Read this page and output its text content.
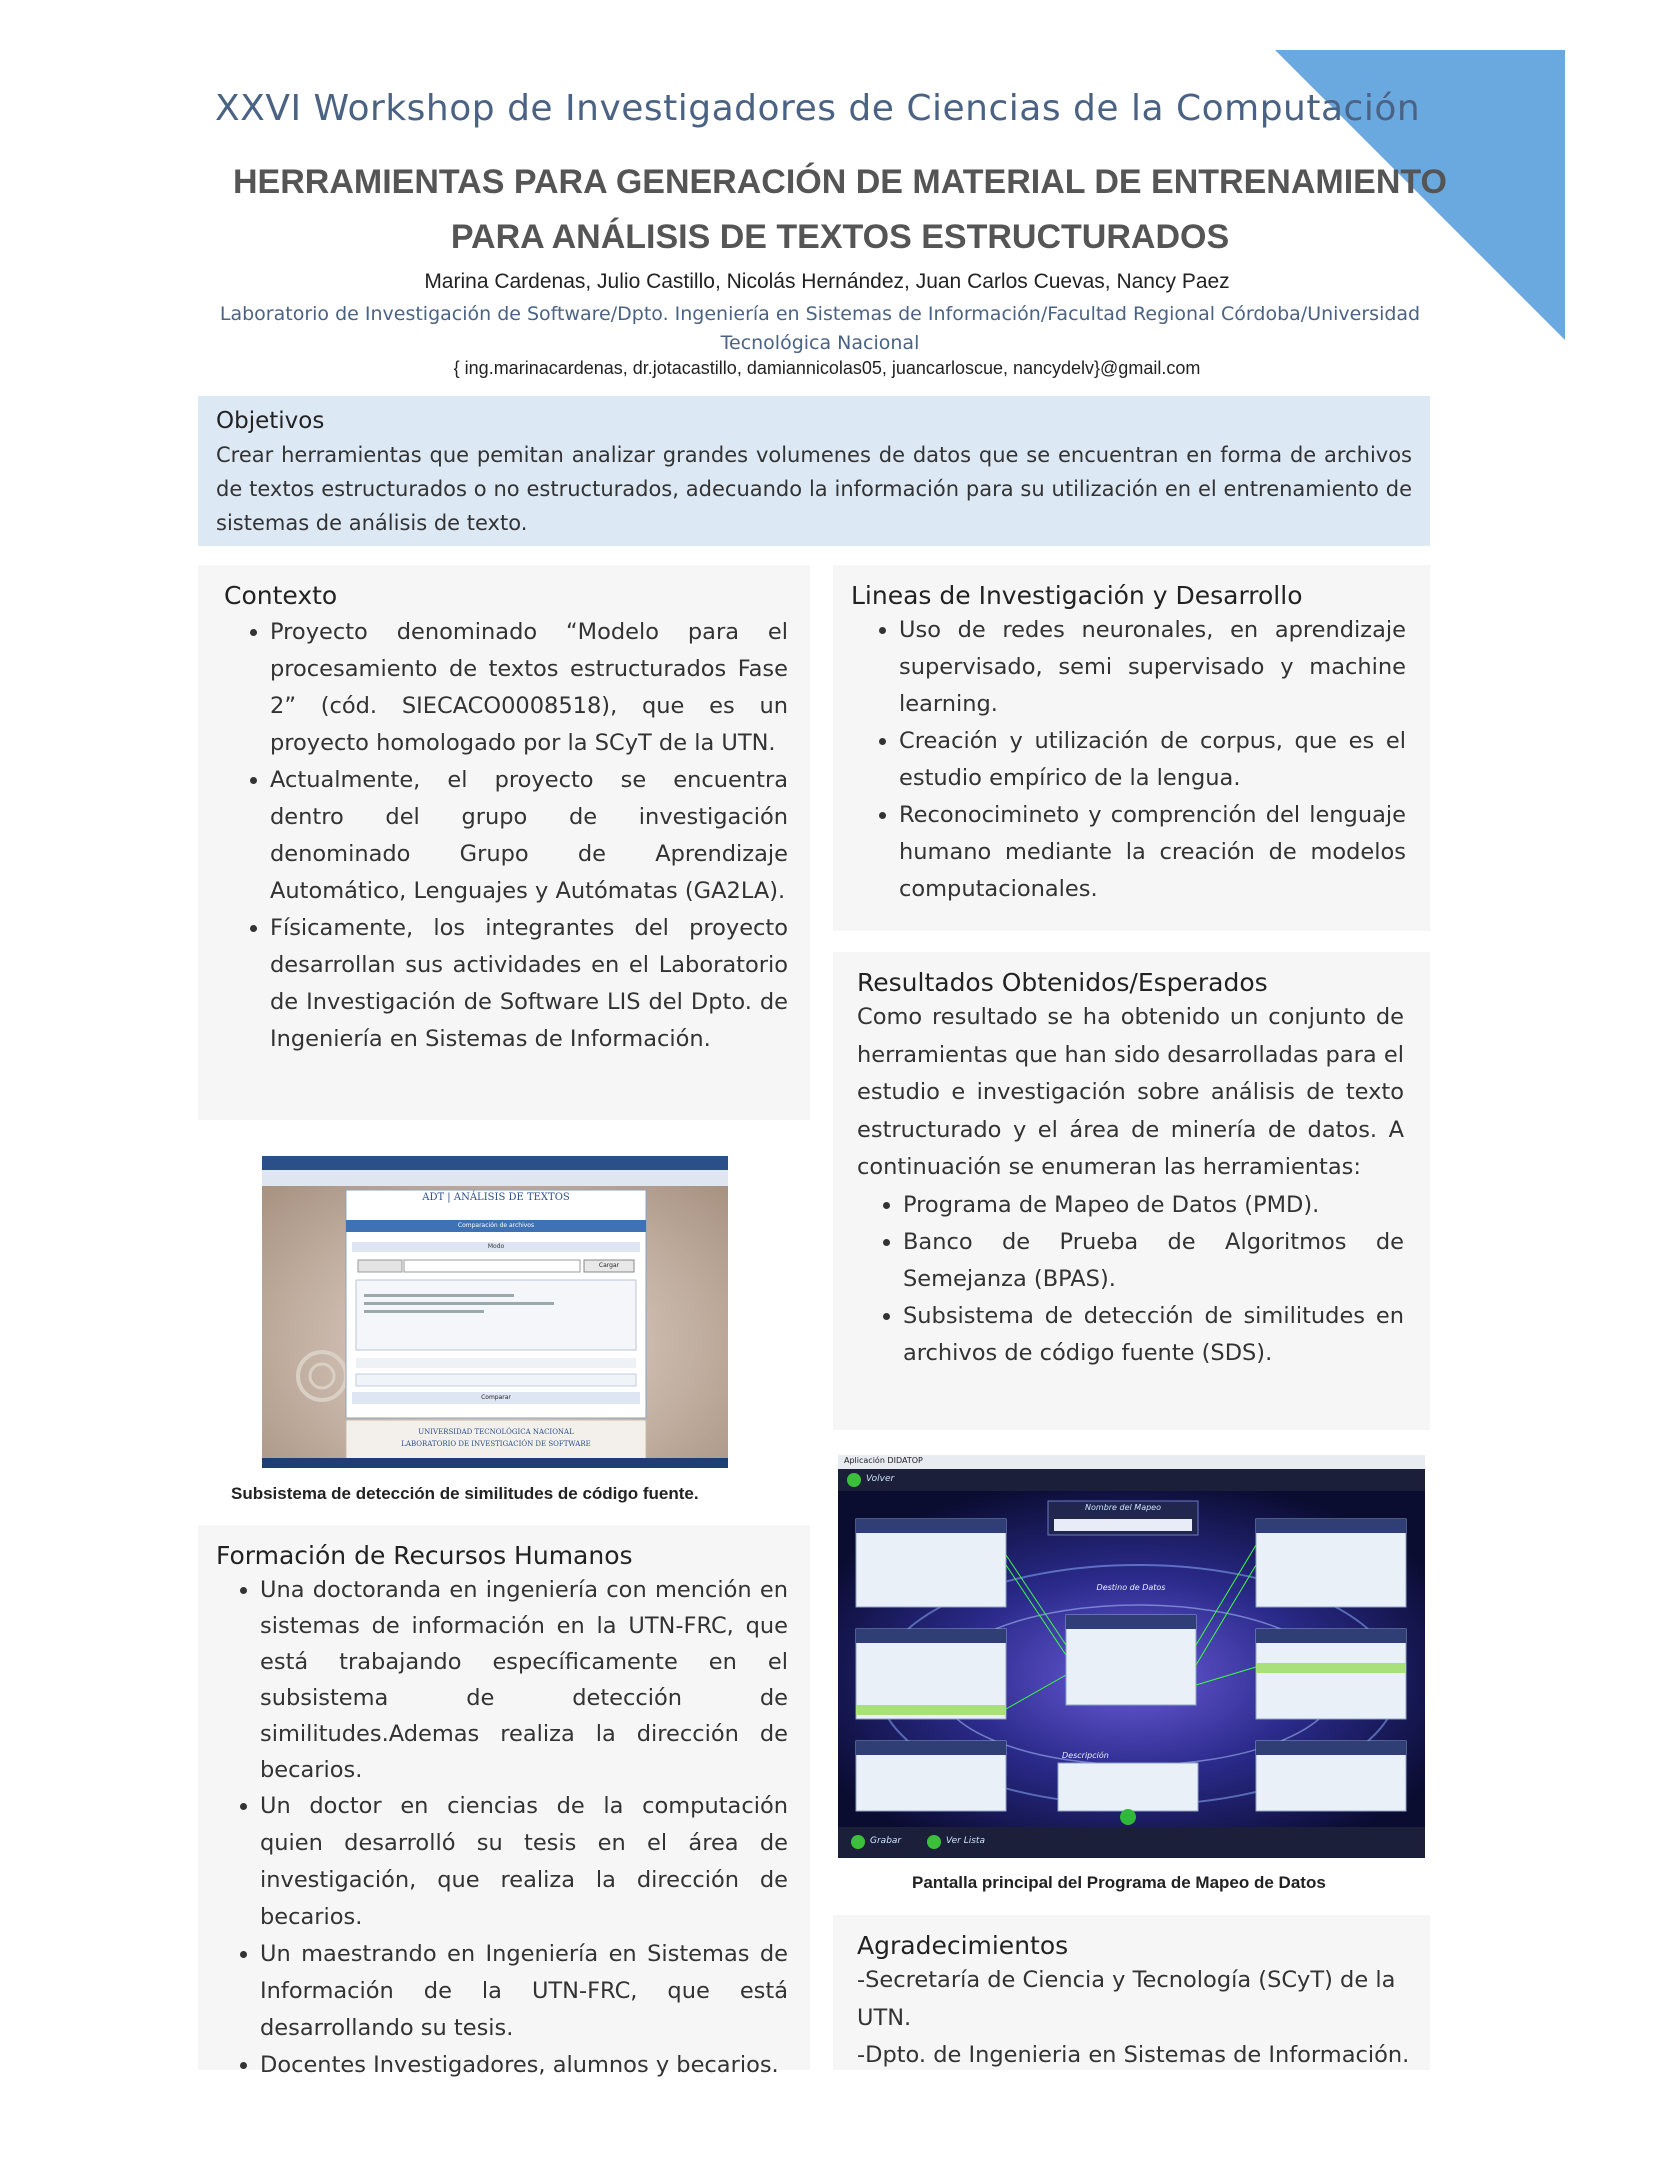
XXVI Workshop de Investigadores de Ciencias de la Computación
HERRAMIENTAS PARA GENERACIÓN DE MATERIAL DE ENTRENAMIENTO
PARA ANÁLISIS DE TEXTOS ESTRUCTURADOS
Marina Cardenas, Julio Castillo, Nicolás Hernández, Juan Carlos Cuevas, Nancy Paez
Laboratorio de Investigación de Software/Dpto. Ingeniería en Sistemas de Información/Facultad Regional Córdoba/Universidad Tecnológica Nacional
{ ing.marinacardenas, dr.jotacastillo, damiannicolas05, juancarloscue, nancydelv}@gmail.com
Objetivos

Crear herramientas que pemitan analizar grandes volumenes de datos que se encuentran en forma de archivos de textos estructurados o no estructurados, adecuando la información para su utilización en el entrenamiento de sistemas de análisis de texto.

Contexto
• Proyecto denominado “Modelo para el procesamiento de textos estructurados Fase 2” (cód. SIECACO0008518), que es un proyecto homologado por la SCyT de la UTN.
• Actualmente, el proyecto se encuentra dentro del grupo de investigación denominado Grupo de Aprendizaje Automático, Lenguajes y Autómatas (GA2LA).
• Físicamente, los integrantes del proyecto desarrollan sus actividades en el Laboratorio de Investigación de Software LIS del Dpto. de Ingeniería en Sistemas de Información.
Lineas de Investigación y Desarrollo
• Uso de redes neuronales, en aprendizaje supervisado, semi supervisado y machine learning.
• Creación y utilización de corpus, que es el estudio empírico de la lengua.
• Reconocimineto y comprención del lenguaje humano mediante la creación de modelos computacionales.
Resultados Obtenidos/Esperados

Como resultado se ha obtenido un conjunto de herramientas que han sido desarrolladas para el estudio e investigación sobre análisis de texto estructurado y el área de minería de datos. A continuación se enumeran las herramientas:

• Programa de Mapeo de Datos (PMD).
• Banco de Prueba de Algoritmos de Semejanza (BPAS).
• Subsistema de detección de similitudes en archivos de código fuente (SDS).
ADT | ANÁLISIS DE TEXTOS
Comparación de archivos
Modo
Cargar
Comparar
UNIVERSIDAD TECNOLÓGICA NACIONAL
LABORATORIO DE INVESTIGACIÓN DE SOFTWARE
Subsistema de detección de similitudes de código fuente.
Formación de Recursos Humanos
• Una doctoranda en ingeniería con mención en sistemas de información en la UTN-FRC, que está trabajando específicamente en el subsistema de detección de similitudes.Ademas realiza la dirección de becarios.
• Un doctor en ciencias de la computación quien desarrolló su tesis en el área de investigación, que realiza la dirección de becarios.
• Un maestrando en Ingeniería en Sistemas de Información de la UTN-FRC, que está desarrollando su tesis.
• Docentes Investigadores, alumnos y becarios.
Aplicación DIDATOP
Volver
Nombre del Mapeo
Destino de Datos
Descripción
Grabar	Ver Lista
Pantalla principal del Programa de Mapeo de Datos
Agradecimientos

-Secretaría de Ciencia y Tecnología (SCyT) de la UTN.

-Dpto. de Ingenieria en Sistemas de Información.
